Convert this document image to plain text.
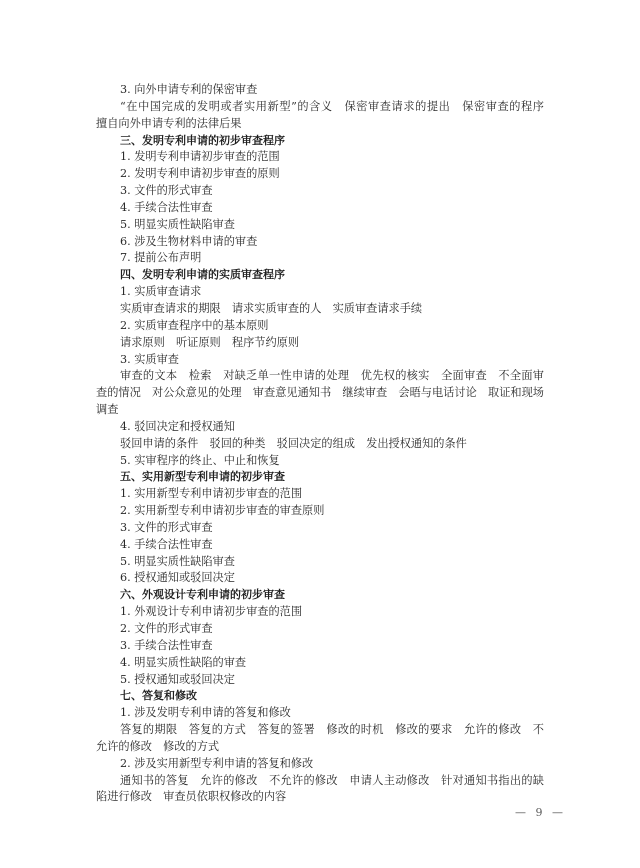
3. 向外申请专利的保密审查
“在中国完成的发明或者实用新型”的含义　保密审查请求的提出　保密审查的程序　擅自向外申请专利的法律后果
三、发明专利申请的初步审查程序
1. 发明专利申请初步审查的范围
2. 发明专利申请初步审查的原则
3. 文件的形式审查
4. 手续合法性审查
5. 明显实质性缺陷审查
6. 涉及生物材料申请的审查
7. 提前公布声明
四、发明专利申请的实质审查程序
1. 实质审查请求
实质审查请求的期限　请求实质审查的人　实质审查请求手续
2. 实质审查程序中的基本原则
请求原则　听证原则　程序节约原则
3. 实质审查
审查的文本　检索　对缺乏单一性申请的处理　优先权的核实　全面审查　不全面审查的情况　对公众意见的处理　审查意见通知书　继续审查　会晤与电话讨论　取证和现场调查
4. 驳回决定和授权通知
驳回申请的条件　驳回的种类　驳回决定的组成　发出授权通知的条件
5. 实审程序的终止、中止和恢复
五、实用新型专利申请的初步审查
1. 实用新型专利申请初步审查的范围
2. 实用新型专利申请初步审查的审查原则
3. 文件的形式审查
4. 手续合法性审查
5. 明显实质性缺陷审查
6. 授权通知或驳回决定
六、外观设计专利申请的初步审查
1. 外观设计专利申请初步审查的范围
2. 文件的形式审查
3. 手续合法性审查
4. 明显实质性缺陷的审查
5. 授权通知或驳回决定
七、答复和修改
1. 涉及发明专利申请的答复和修改
答复的期限　答复的方式　答复的签署　修改的时机　修改的要求　允许的修改　不允许的修改　修改的方式
2. 涉及实用新型专利申请的答复和修改
通知书的答复　允许的修改　不允许的修改　申请人主动修改　针对通知书指出的缺陷进行修改　审查员依职权修改的内容
— 9 —
